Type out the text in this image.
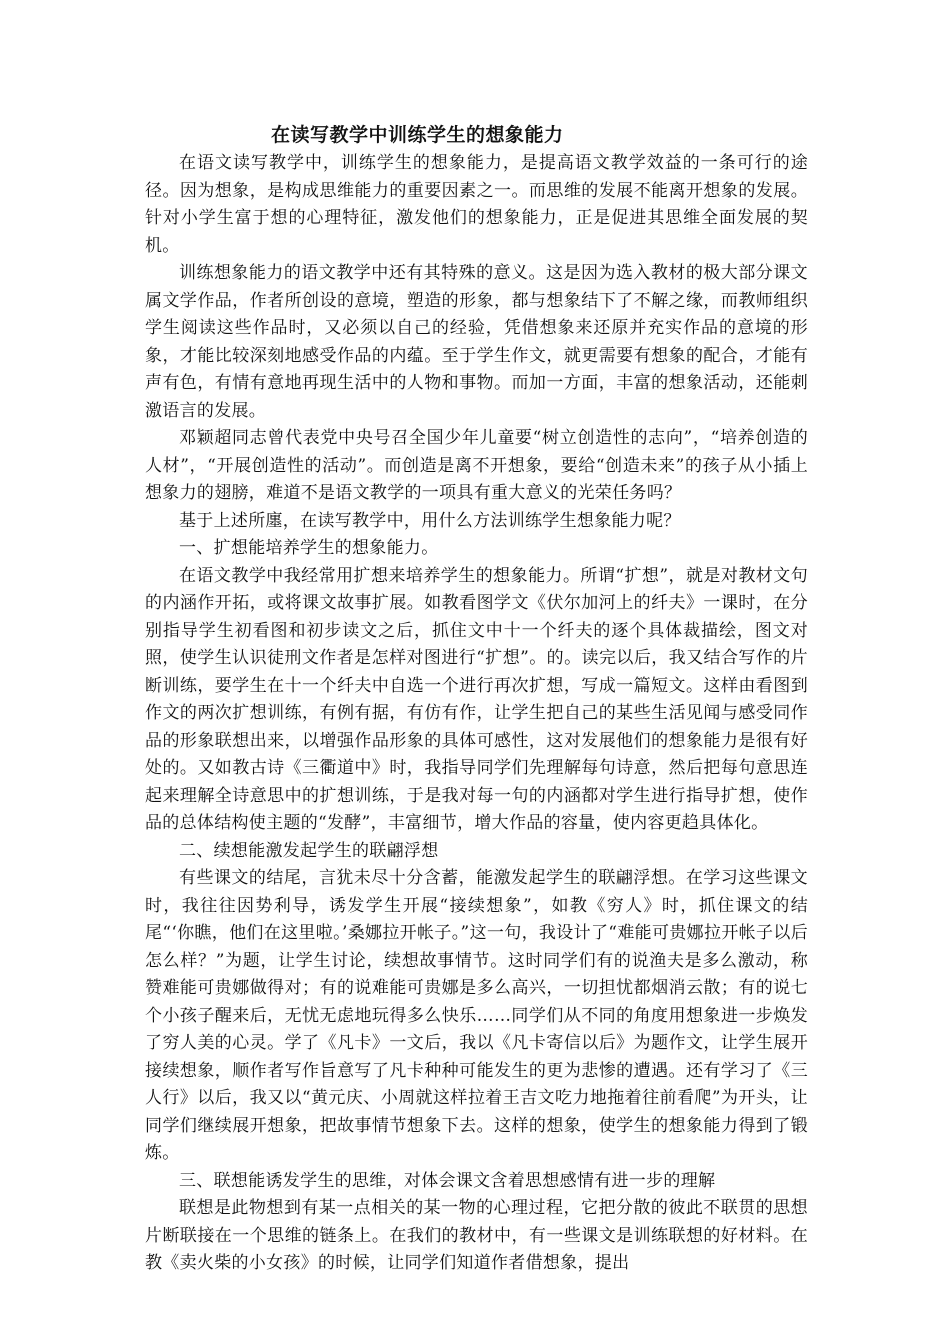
在读写教学中训练学生的想象能力

在语文读写教学中，训练学生的想象能力，是提高语文教学效益的一条可行的途径。因为想象，是构成思维能力的重要因素之一。而思维的发展不能离开想象的发展。针对小学生富于想的心理特征，激发他们的想象能力，正是促进其思维全面发展的契机。

训练想象能力的语文教学中还有其特殊的意义。这是因为选入教材的极大部分课文属文学作品，作者所创设的意境，塑造的形象，都与想象结下了不解之缘，而教师组织学生阅读这些作品时，又必须以自己的经验，凭借想象来还原并充实作品的意境的形象，才能比较深刻地感受作品的内蕴。至于学生作文，就更需要有想象的配合，才能有声有色，有情有意地再现生活中的人物和事物。而加一方面，丰富的想象活动，还能刺激语言的发展。

邓颖超同志曾代表党中央号召全国少年儿童要“树立创造性的志向”，“培养创造的人材”，“开展创造性的活动”。而创造是离不开想象，要给“创造未来”的孩子从小插上想象力的翅膀，难道不是语文教学的一项具有重大意义的光荣任务吗？

基于上述所廛，在读写教学中，用什么方法训练学生想象能力呢？

一、扩想能培养学生的想象能力。

在语文教学中我经常用扩想来培养学生的想象能力。所谓“扩想”，就是对教材文句的内涵作开拓，或将课文故事扩展。如教看图学文《伏尔加河上的纤夫》一课时，在分别指导学生初看图和初步读文之后，抓住文中十一个纤夫的逐个具体裁描绘，图文对照，使学生认识徒刑文作者是怎样对图进行“扩想”。的。读完以后，我又结合写作的片断训练，要学生在十一个纤夫中自选一个进行再次扩想，写成一篇短文。这样由看图到作文的两次扩想训练，有例有据，有仿有作，让学生把自己的某些生活见闻与感受同作品的形象联想出来，以增强作品形象的具体可感性，这对发展他们的想象能力是很有好处的。又如教古诗《三衢道中》时，我指导同学们先理解每句诗意，然后把每句意思连起来理解全诗意思中的扩想训练，于是我对每一句的内涵都对学生进行指导扩想，使作品的总体结构使主题的“发酵”，丰富细节，增大作品的容量，使内容更趋具体化。

二、续想能激发起学生的联翩浮想

有些课文的结尾，言犹未尽十分含蓄，能激发起学生的联翩浮想。在学习这些课文时，我往往因势利导，诱发学生开展“接续想象”，如教《穷人》时，抓住课文的结尾“‘你瞧，他们在这里啦。’桑娜拉开帐子。”这一句，我设计了“难能可贵娜拉开帐子以后怎么样？”为题，让学生讨论，续想故事情节。这时同学们有的说渔夫是多么激动，称赞难能可贵娜做得对；有的说难能可贵娜是多么高兴，一切担忧都烟消云散；有的说七个小孩子醒来后，无忧无虑地玩得多么快乐……同学们从不同的角度用想象进一步焕发了穷人美的心灵。学了《凡卡》一文后，我以《凡卡寄信以后》为题作文，让学生展开接续想象，顺作者写作旨意写了凡卡种种可能发生的更为悲惨的遭遇。还有学习了《三人行》以后，我又以“黄元庆、小周就这样拉着王吉文吃力地拖着往前看爬”为开头，让同学们继续展开想象，把故事情节想象下去。这样的想象，使学生的想象能力得到了锻炼。

三、联想能诱发学生的思维，对体会课文含着思想感情有进一步的理解

联想是此物想到有某一点相关的某一物的心理过程，它把分散的彼此不联贯的思想片断联接在一个思维的链条上。在我们的教材中，有一些课文是训练联想的好材料。在教《卖火柴的小女孩》的时候，让同学们知道作者借想象，提出
